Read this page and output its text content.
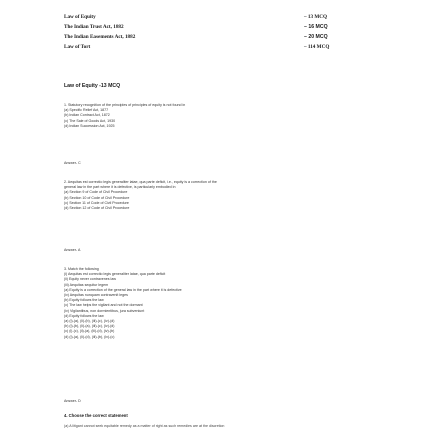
Law of Equity	– 13 MCQ
The Indian Trust Act, 1882	– 16 MCQ
The Indian Easements Act, 1882	– 20 MCQ
Law of Tort	– 114 MCQ
Law of Equity -13 MCQ
1. Statutory recognition of the principles of principles of equity is not found in
(a) Specific Relief Act, 1877
(b) Indian Contract Act, 1872
(c) The Sale of Goods Act, 1930
(d) Indian Succession Act, 1925
Answer- C
2. Aequitas est correctio legis generaliter latae, qua parte deficit, i.e., equity is a correction of the
general law in the part where it is defective, is particularly embodied in
(a) Section 9 of Code of Civil Procedure
(b) Section 10 of Code of Civil Procedure
(c) Section 11 of Code of Civil Procedure
(d) Section 12 of Code of Civil Procedure
Answer- A
3. Match the following
(i) Aequitas est correctio legis generaliter latae, qua parte deficit
(ii) Equity never contravenes law
(iii) Aequitas sequitur legem
(a) Equity is a correction of the general law in the part where it is defective
(iv) Aequitas nunquam contravenit leges
(b) Equity follows the law
(c) The law helps the vigilant and not the dormant
(iv) Vigilantibus, non dormientibus, jura subveniunt
(d) Equity follows the law
(a) (i)-(a), (ii)-(b), (iii)-(c), (iv)-(d)
(b) (i)-(b), (ii)-(a), (iii)-(c), (iv)-(d)
(c) (i)-(c), (ii)-(a), (iii)-(d), (iv)-(b)
(d) (i)-(a), (ii)-(d), (iii)-(b), (iv)-(c)
Answer- D
4. Choose the correct statement
(a) A litigant cannot seek equitable remedy as a matter of right as such remedies are at the discretion
